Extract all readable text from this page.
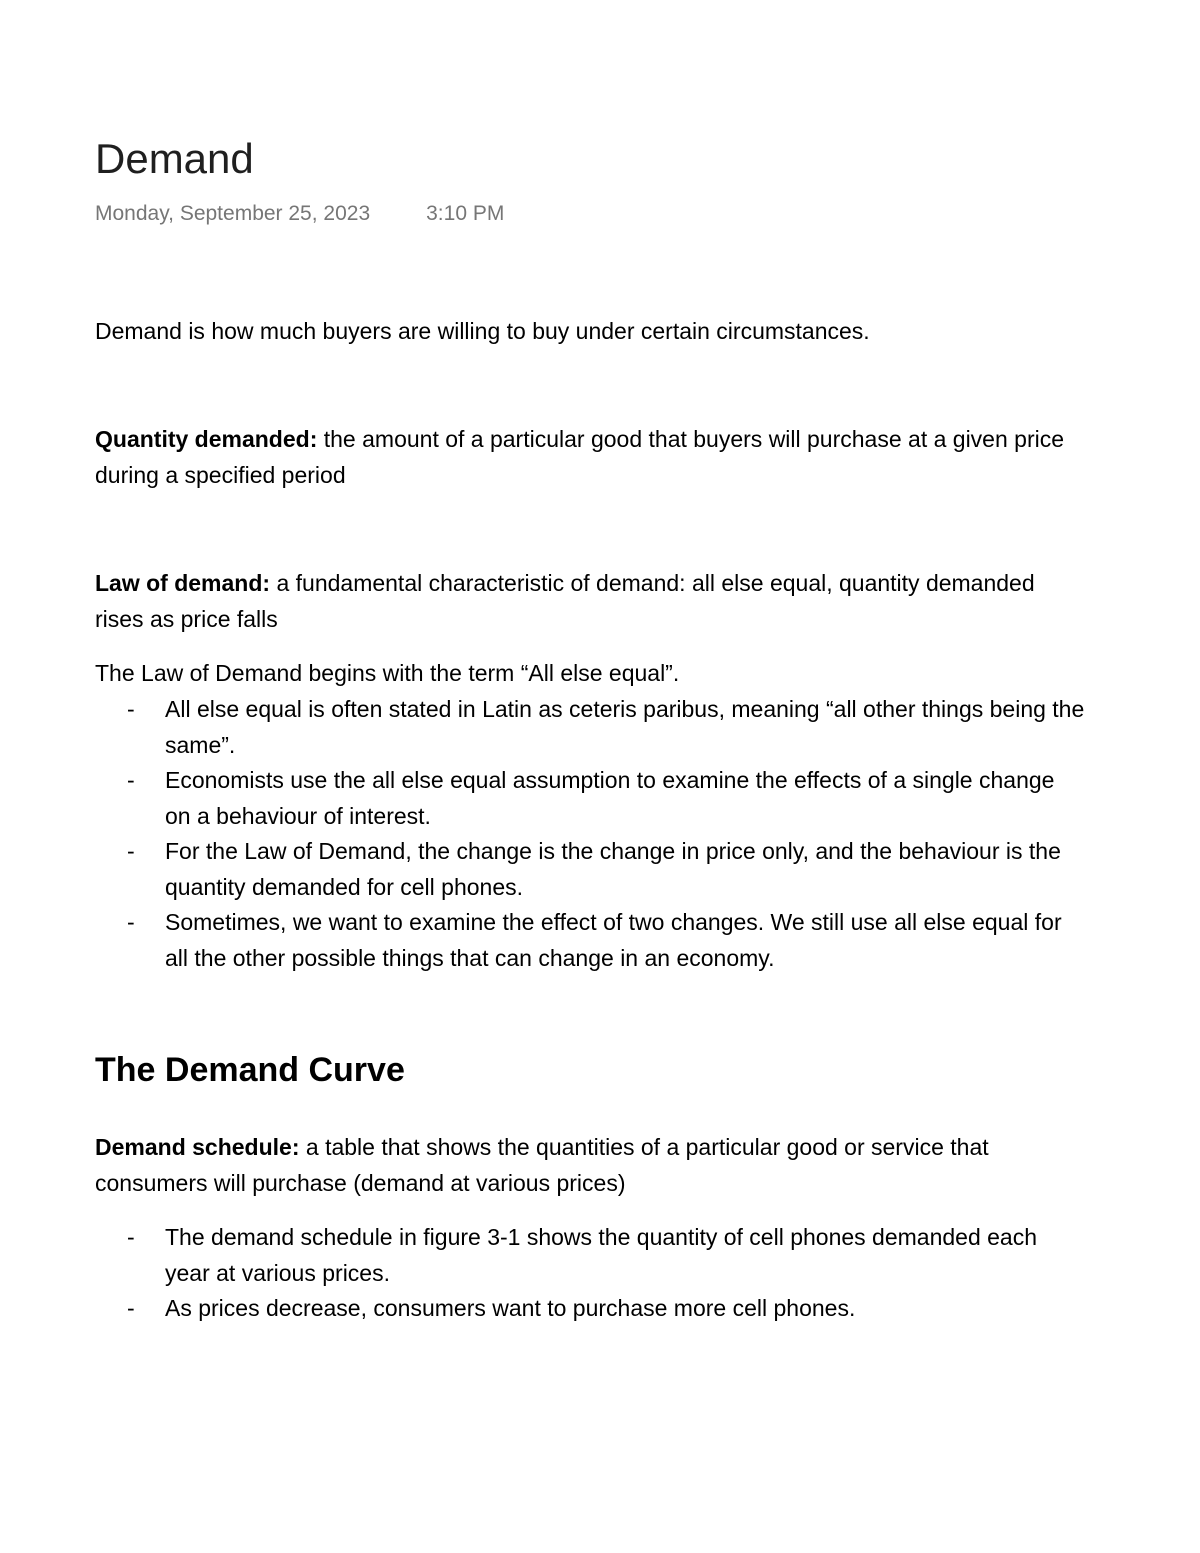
Demand
Monday, September 25, 2023	3:10 PM

Demand is how much buyers are willing to buy under certain circumstances.

Quantity demanded: the amount of a particular good that buyers will purchase at a given price during a specified period

Law of demand: a fundamental characteristic of demand: all else equal, quantity demanded rises as price falls

The Law of Demand begins with the term “All else equal”.

- All else equal is often stated in Latin as ceteris paribus, meaning “all other things being the same”.
- Economists use the all else equal assumption to examine the effects of a single change on a behaviour of interest.
- For the Law of Demand, the change is the change in price only, and the behaviour is the quantity demanded for cell phones.
- Sometimes, we want to examine the effect of two changes. We still use all else equal for all the other possible things that can change in an economy.
The Demand Curve

Demand schedule: a table that shows the quantities of a particular good or service that consumers will purchase (demand at various prices)

- The demand schedule in figure 3-1 shows the quantity of cell phones demanded each year at various prices.
- As prices decrease, consumers want to purchase more cell phones.
